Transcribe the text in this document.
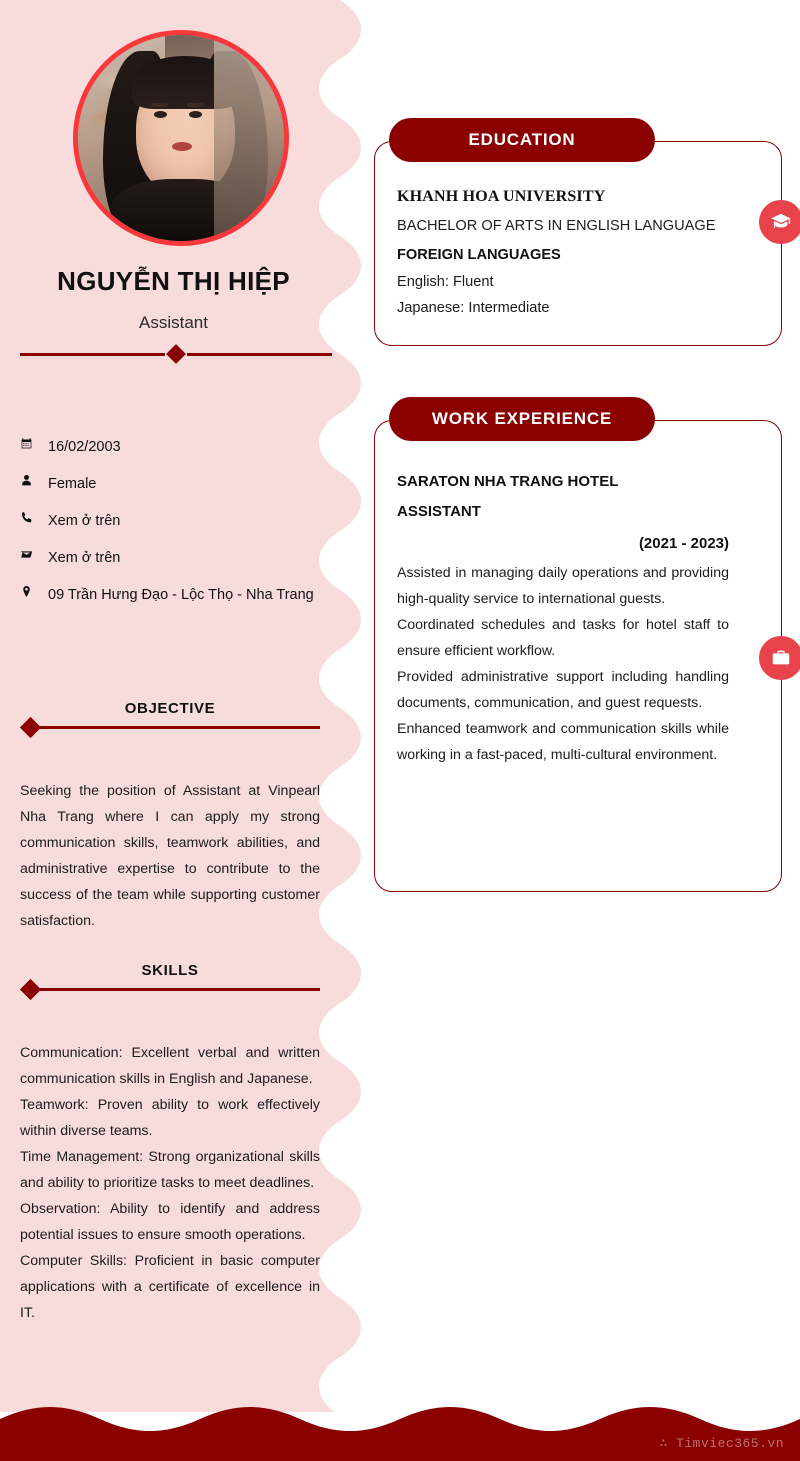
NGUYỄN THỊ HIỆP
Assistant
16/02/2003
Female
Xem ở trên
Xem ở trên
09 Trần Hưng Đạo - Lộc Thọ - Nha Trang
OBJECTIVE

Seeking the position of Assistant at Vinpearl Nha Trang where I can apply my strong communication skills, teamwork abilities, and administrative expertise to contribute to the success of the team while supporting customer satisfaction.

SKILLS

Communication: Excellent verbal and written communication skills in English and Japanese.

Teamwork: Proven ability to work effectively within diverse teams.

Time Management: Strong organizational skills and ability to prioritize tasks to meet deadlines.

Observation: Ability to identify and address potential issues to ensure smooth operations.

Computer Skills: Proficient in basic computer applications with a certificate of excellence in IT.

EDUCATION
KHANH HOA UNIVERSITY
BACHELOR OF ARTS IN ENGLISH LANGUAGE
FOREIGN LANGUAGES
English: Fluent
Japanese: Intermediate
WORK EXPERIENCE
SARATON NHA TRANG HOTEL
ASSISTANT
(2021 - 2023)

Assisted in managing daily operations and providing high-quality service to international guests.

Coordinated schedules and tasks for hotel staff to ensure efficient workflow.

Provided administrative support including handling documents, communication, and guest requests.

Enhanced teamwork and communication skills while working in a fast-paced, multi-cultural environment.

∴ Timviec365.vn
